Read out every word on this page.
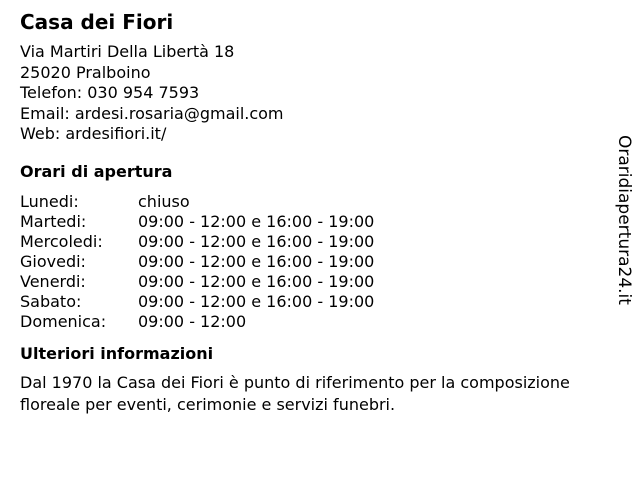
Casa dei Fiori
Via Martiri Della Libertà 18
25020 Pralboino
Telefon: 030 954 7593
Email: ardesi.rosaria@gmail.com
Web: ardesifiori.it/
Orari di apertura
Lunedi:	chiuso
Martedi:	09:00 - 12:00 e 16:00 - 19:00
Mercoledi:	09:00 - 12:00 e 16:00 - 19:00
Giovedi:	09:00 - 12:00 e 16:00 - 19:00
Venerdi:	09:00 - 12:00 e 16:00 - 19:00
Sabato:	09:00 - 12:00 e 16:00 - 19:00
Domenica:	09:00 - 12:00
Ulteriori informazioni

Dal 1970 la Casa dei Fiori è punto di riferimento per la composizione floreale per eventi, cerimonie e servizi funebri.

Oraridiapertura24.it
